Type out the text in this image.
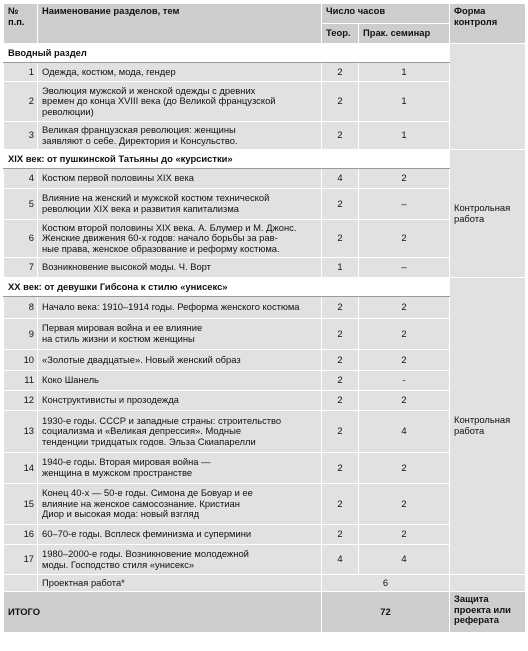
№
п.п.	Наименование разделов, тем	Число часов		Форма
контроля
		Теор.	Прак. семинар	
Вводный раздел				
1	Одежда, костюм, мода, гендер	2	1	
2	Эволюция мужской и женской одежды с древних
времен до конца XVIII века (до Великой французской
революции)	2	1	
3	Великая французская революция: женщины
заявляют о себе. Директория и Консульство.	2	1	
XIX век: от пушкинской Татьяны до «курсистки»				Контрольная
работа
4	Костюм первой половины XIX века	4	2	
5	Влияние на женский и мужской костюм технической
революции XIX века и развития капитализма	2	–	
6	Костюм второй половины XIX века. А. Блумер и М. Джонс.
Женские движения 60-х годов: начало борьбы за рав-
ные права, женское образование и реформу костюма.	2	2	
7	Возникновение высокой моды. Ч. Ворт	1	–	
XX век: от девушки Гибсона к стилю «унисекс»				Контрольная
работа
8	Начало века: 1910–1914 годы. Реформа женского костюма	2	2	
9	Первая мировая война и ее влияние
на стиль жизни и костюм женщины	2	2	
10	«Золотые двадцатые». Новый женский образ	2	2	
11	Коко Шанель	2	-	
12	Конструктивисты и прозодежда	2	2	
13	1930-е годы. СССР и западные страны: строительство
социализма и «Великая депрессия». Модные
тенденции тридцатых годов. Эльза Скиапарелли	2	4	
14	1940-е годы. Вторая мировая война —
женщина в мужском пространстве	2	2	
15	Конец 40-х — 50-е годы. Симона де Бовуар и ее
влияние на женское самосознание. Кристиан
Диор и высокая мода: новый взгляд	2	2	
16	60–70-е годы. Всплеск феминизма и супермини	2	2	
17	1980–2000-е годы. Возникновение молодежной
моды. Господство стиля «унисекс»	4	4	
	Проектная работа*	6		
ИТОГО		72		Защита
проекта или
реферата
